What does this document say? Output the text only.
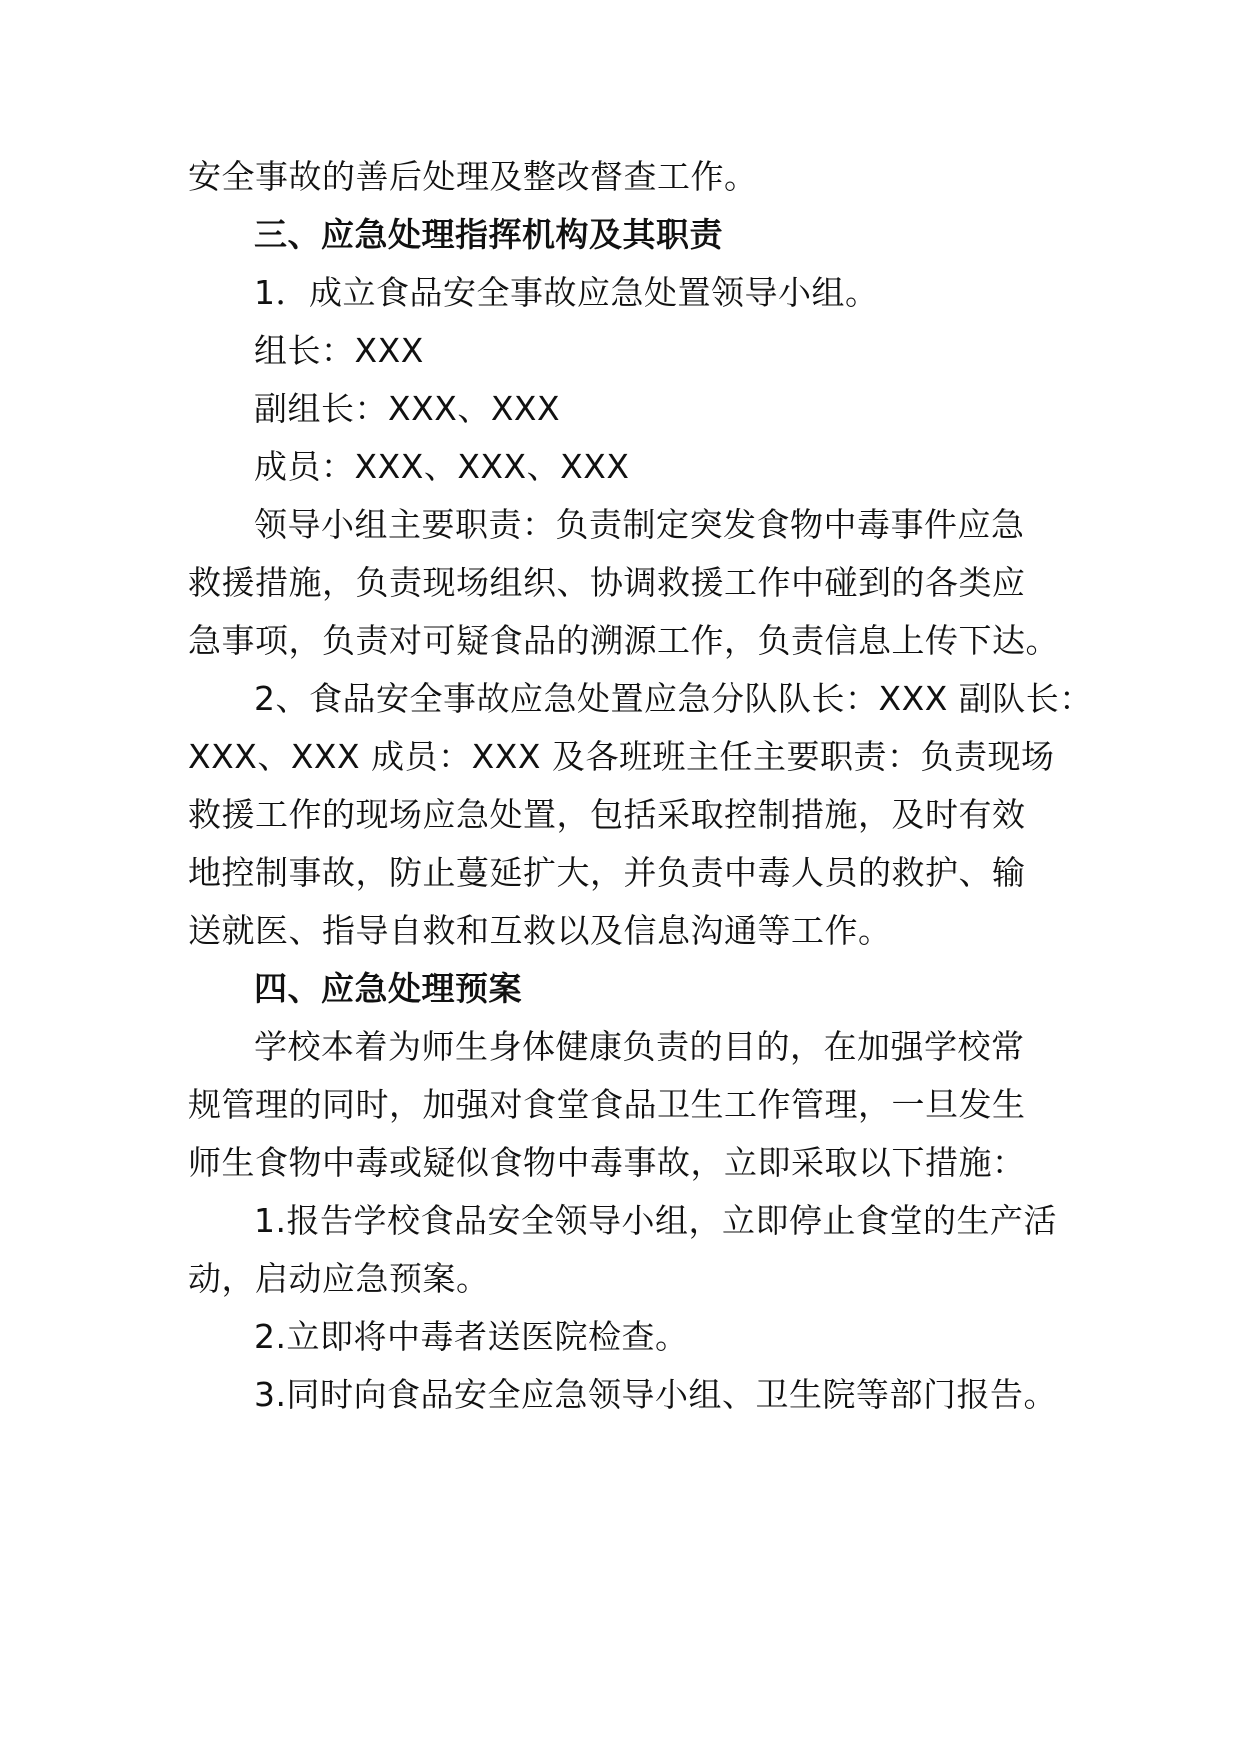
安全事故的善后处理及整改督查工作。
三、应急处理指挥机构及其职责
1．成立食品安全事故应急处置领导小组。
组长：XXX
副组长：XXX、XXX
成员：XXX、XXX、XXX
领导小组主要职责：负责制定突发食物中毒事件应急
救援措施，负责现场组织、协调救援工作中碰到的各类应
急事项，负责对可疑食品的溯源工作，负责信息上传下达。
2、食品安全事故应急处置应急分队队长：XXX 副队长：
XXX、XXX 成员：XXX 及各班班主任主要职责：负责现场
救援工作的现场应急处置，包括采取控制措施，及时有效
地控制事故，防止蔓延扩大，并负责中毒人员的救护、输
送就医、指导自救和互救以及信息沟通等工作。
四、应急处理预案
学校本着为师生身体健康负责的目的，在加强学校常
规管理的同时，加强对食堂食品卫生工作管理，一旦发生
师生食物中毒或疑似食物中毒事故，立即采取以下措施：
1.报告学校食品安全领导小组，立即停止食堂的生产活
动，启动应急预案。
2.立即将中毒者送医院检查。
3.同时向食品安全应急领导小组、卫生院等部门报告。
